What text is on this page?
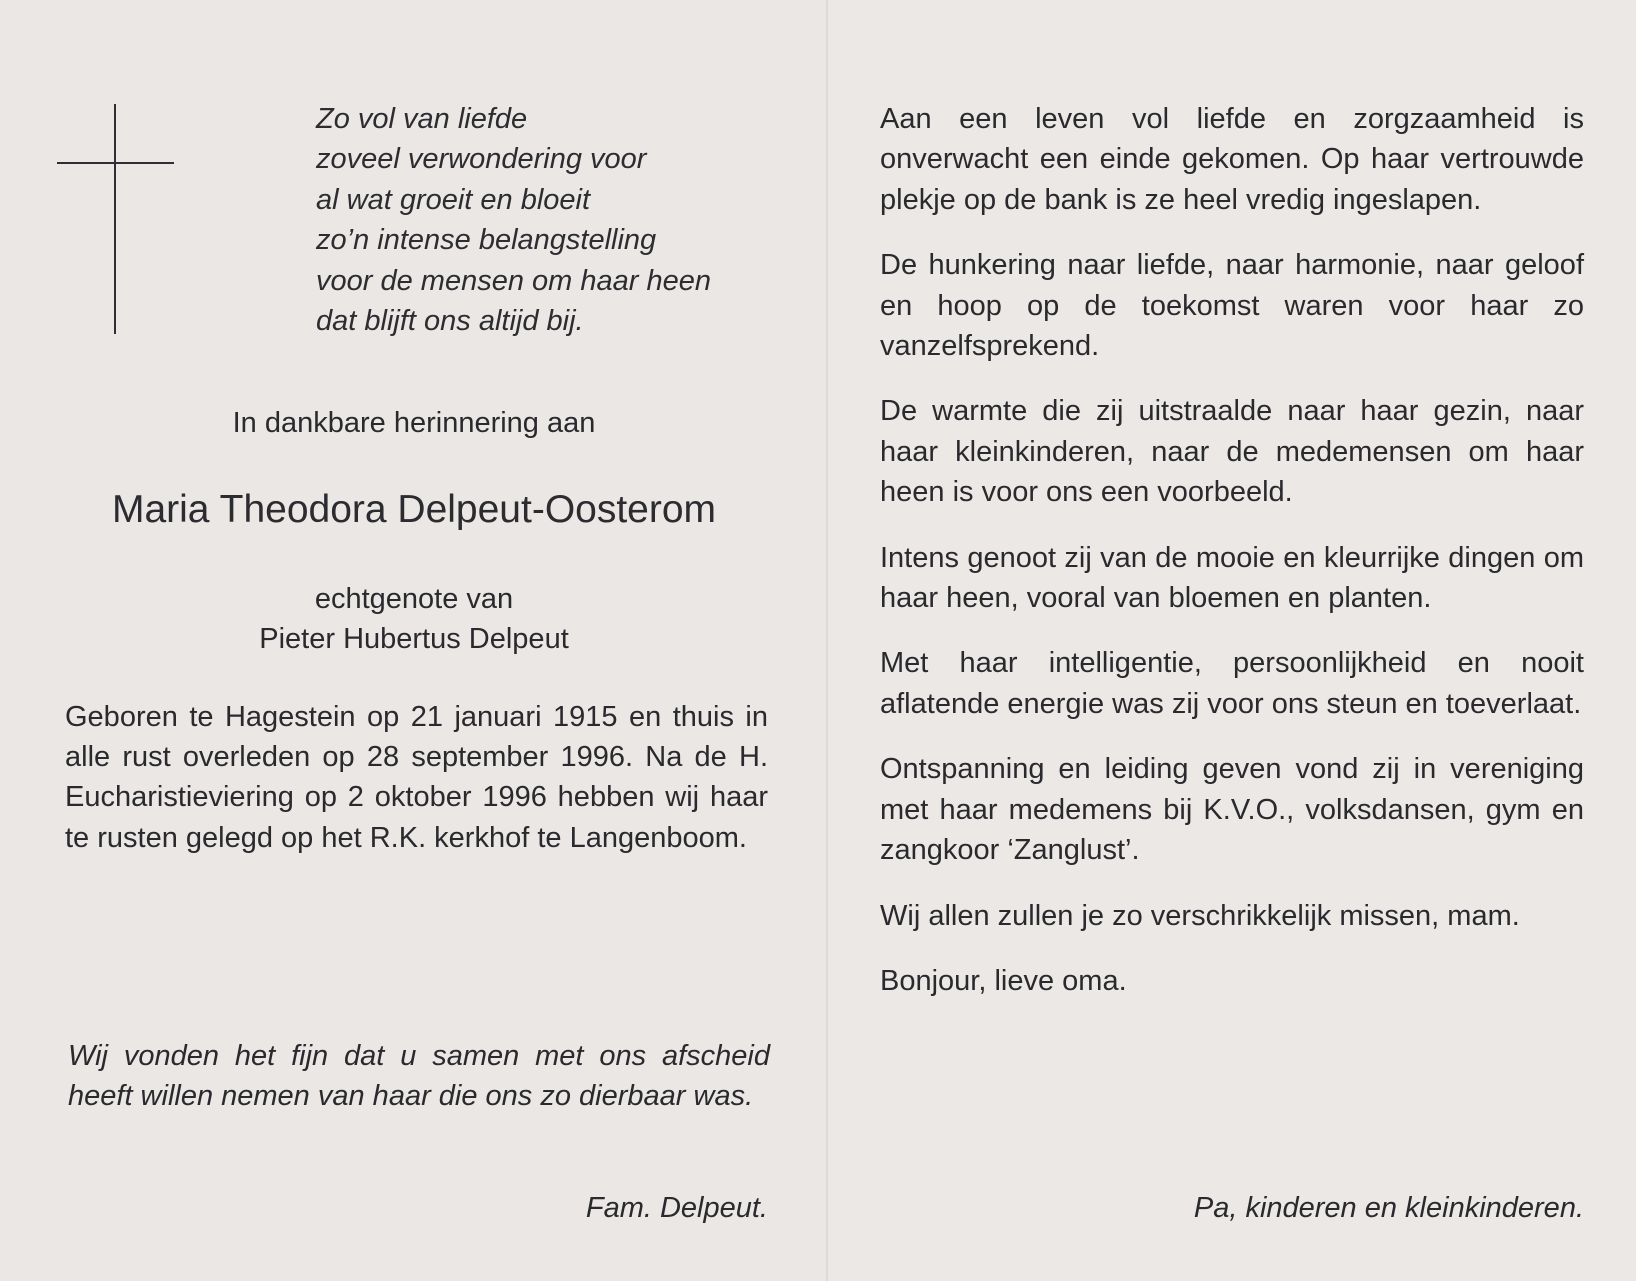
Zo vol van liefde
zoveel verwondering voor
al wat groeit en bloeit
zo’n intense belangstelling
voor de mensen om haar heen
dat blijft ons altijd bij.
In dankbare herinnering aan
Maria Theodora Delpeut-Oosterom
echtgenote van
Pieter Hubertus Delpeut
Geboren te Hagestein op 21 januari 1915 en thuis in alle rust overleden op 28 september 1996. Na de H. Eucharistieviering op 2 oktober 1996 hebben wij haar te rusten gelegd op het R.K. kerkhof te Langenboom.
Wij vonden het fijn dat u samen met ons afscheid heeft willen nemen van haar die ons zo dierbaar was.
Fam. Delpeut.

Aan een leven vol liefde en zorgzaamheid is onverwacht een einde gekomen. Op haar vertrouwde plekje op de bank is ze heel vredig ingeslapen.

De hunkering naar liefde, naar harmonie, naar geloof en hoop op de toekomst waren voor haar zo vanzelfsprekend.

De warmte die zij uitstraalde naar haar gezin, naar haar kleinkinderen, naar de medemensen om haar heen is voor ons een voorbeeld.

Intens genoot zij van de mooie en kleurrijke dingen om haar heen, vooral van bloemen en planten.

Met haar intelligentie, persoonlijkheid en nooit aflatende energie was zij voor ons steun en toeverlaat.

Ontspanning en leiding geven vond zij in vereniging met haar medemens bij K.V.O., volksdansen, gym en zangkoor ‘Zanglust’.

Wij allen zullen je zo verschrikkelijk missen, mam.

Bonjour, lieve oma.

Pa, kinderen en kleinkinderen.
